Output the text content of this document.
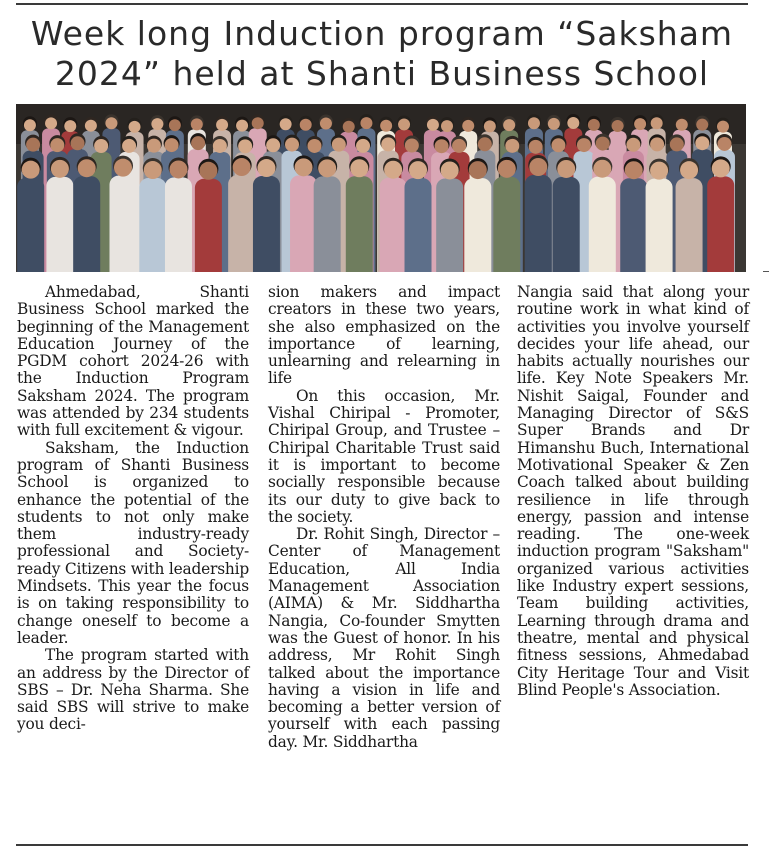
Week long Induction program “Saksham
2024” held at Shanti Business School

Ahmedabad, Shanti Business School marked the beginning of the Management Education Journey of the PGDM cohort 2024-26 with the Induction Program Saksham 2024. The program was attended by 234 students with full excitement & vigour.

Saksham, the Induction program of Shanti Business School is organized to enhance the potential of the students to not only make them industry-ready professional and Society-ready Citizens with leadership Mindsets. This year the focus is on taking responsibility to change oneself to become a leader.

The program started with an address by the Director of SBS – Dr. Neha Sharma. She said SBS will strive to make you deci-

sion makers and impact creators in these two years, she also emphasized on the importance of learning, unlearning and relearning in life

On this occasion, Mr. Vishal Chiripal - Promoter, Chiripal Group, and Trustee – Chiripal Charitable Trust said it is important to become socially responsible because its our duty to give back to the society.

Dr. Rohit Singh, Director – Center of Management Education, All India Management Association (AIMA) & Mr. Siddhartha Nangia, Co-founder Smytten was the Guest of honor. In his address, Mr Rohit Singh talked about the importance having a vision in life and becoming a better version of yourself with each passing day. Mr. Siddhartha

Nangia said that along your routine work in what kind of activities you involve yourself decides your life ahead, our habits actually nourishes our life. Key Note Speakers Mr. Nishit Saigal, Founder and Managing Director of S&S Super Brands and Dr Himanshu Buch, International Motivational Speaker & Zen Coach talked about building resilience in life through energy, passion and intense reading. The one-week induction program "Saksham" organized various activities like Industry expert sessions, Team building activities, Learning through drama and theatre, mental and physical fitness sessions, Ahmedabad City Heritage Tour and Visit Blind People's Association.
